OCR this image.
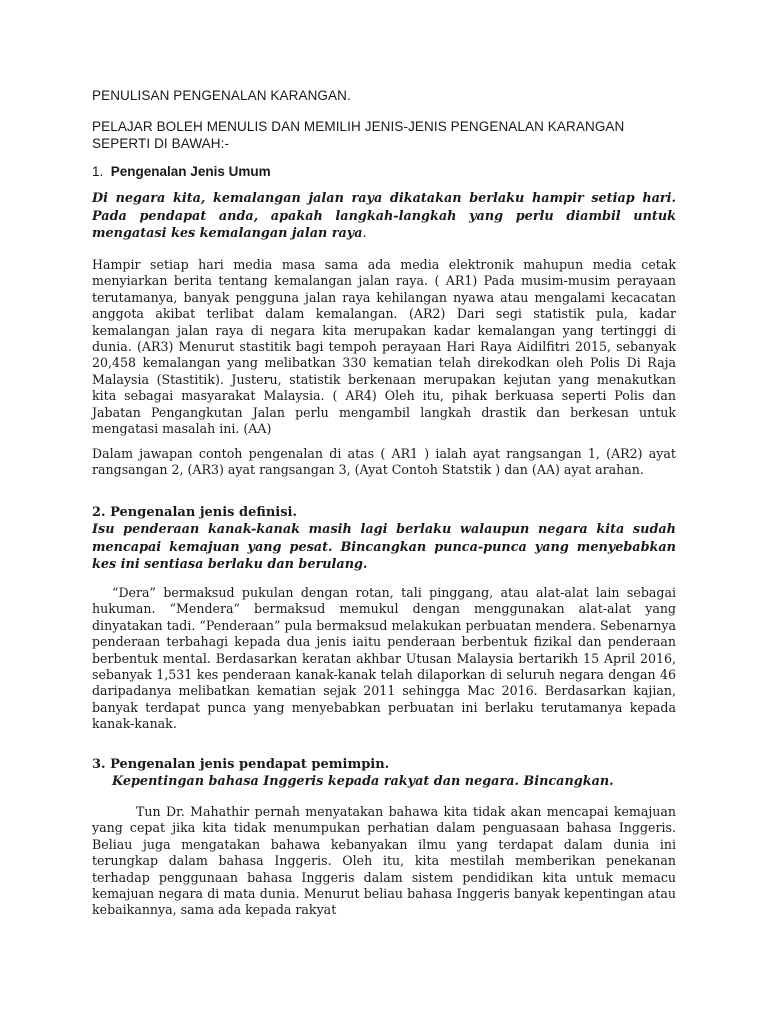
PENULISAN PENGENALAN KARANGAN.

PELAJAR BOLEH MENULIS DAN MEMILIH JENIS-JENIS PENGENALAN KARANGAN SEPERTI DI BAWAH:-

1. Pengenalan Jenis Umum

Di negara kita, kemalangan jalan raya dikatakan berlaku hampir setiap hari. Pada pendapat anda, apakah langkah-langkah yang perlu diambil untuk mengatasi kes kemalangan jalan raya.

Hampir setiap hari media masa sama ada media elektronik mahupun media cetak menyiarkan berita tentang kemalangan jalan raya. ( AR1) Pada musim-musim perayaan terutamanya, banyak pengguna jalan raya kehilangan nyawa atau mengalami kecacatan anggota akibat terlibat dalam kemalangan. (AR2) Dari segi statistik pula, kadar kemalangan jalan raya di negara kita merupakan kadar kemalangan yang tertinggi di dunia. (AR3) Menurut stastitik bagi tempoh perayaan Hari Raya Aidilfitri 2015, sebanyak 20,458 kemalangan yang melibatkan 330 kematian telah direkodkan oleh Polis Di Raja Malaysia (Stastitik). Justeru, statistik berkenaan merupakan kejutan yang menakutkan kita sebagai masyarakat Malaysia. ( AR4) Oleh itu, pihak berkuasa seperti Polis dan Jabatan Pengangkutan Jalan perlu mengambil langkah drastik dan berkesan untuk mengatasi masalah ini. (AA)

Dalam jawapan contoh pengenalan di atas ( AR1 ) ialah ayat rangsangan 1, (AR2) ayat rangsangan 2, (AR3) ayat rangsangan 3, (Ayat Contoh Statstik ) dan (AA) ayat arahan.

2. Pengenalan jenis definisi.

Isu penderaan kanak-kanak masih lagi berlaku walaupun negara kita sudah mencapai kemajuan yang pesat. Bincangkan punca-punca yang menyebabkan kes ini sentiasa berlaku dan berulang.

“Dera” bermaksud pukulan dengan rotan, tali pinggang, atau alat-alat lain sebagai hukuman. “Mendera” bermaksud memukul dengan menggunakan alat-alat yang dinyatakan tadi. “Penderaan” pula bermaksud melakukan perbuatan mendera. Sebenarnya penderaan terbahagi kepada dua jenis iaitu penderaan berbentuk fizikal dan penderaan berbentuk mental. Berdasarkan keratan akhbar Utusan Malaysia bertarikh 15 April 2016, sebanyak 1,531 kes penderaan kanak-kanak telah dilaporkan di seluruh negara dengan 46 daripadanya melibatkan kematian sejak 2011 sehingga Mac 2016. Berdasarkan kajian, banyak terdapat punca yang menyebabkan perbuatan ini berlaku terutamanya kepada kanak-kanak.

3. Pengenalan jenis pendapat pemimpin.

Kepentingan bahasa Inggeris kepada rakyat dan negara. Bincangkan.

Tun Dr. Mahathir pernah menyatakan bahawa kita tidak akan mencapai kemajuan yang cepat jika kita tidak menumpukan perhatian dalam penguasaan bahasa Inggeris. Beliau juga mengatakan bahawa kebanyakan ilmu yang terdapat dalam dunia ini terungkap dalam bahasa Inggeris. Oleh itu, kita mestilah memberikan penekanan terhadap penggunaan bahasa Inggeris dalam sistem pendidikan kita untuk memacu kemajuan negara di mata dunia. Menurut beliau bahasa Inggeris banyak kepentingan atau kebaikannya, sama ada kepada rakyat
